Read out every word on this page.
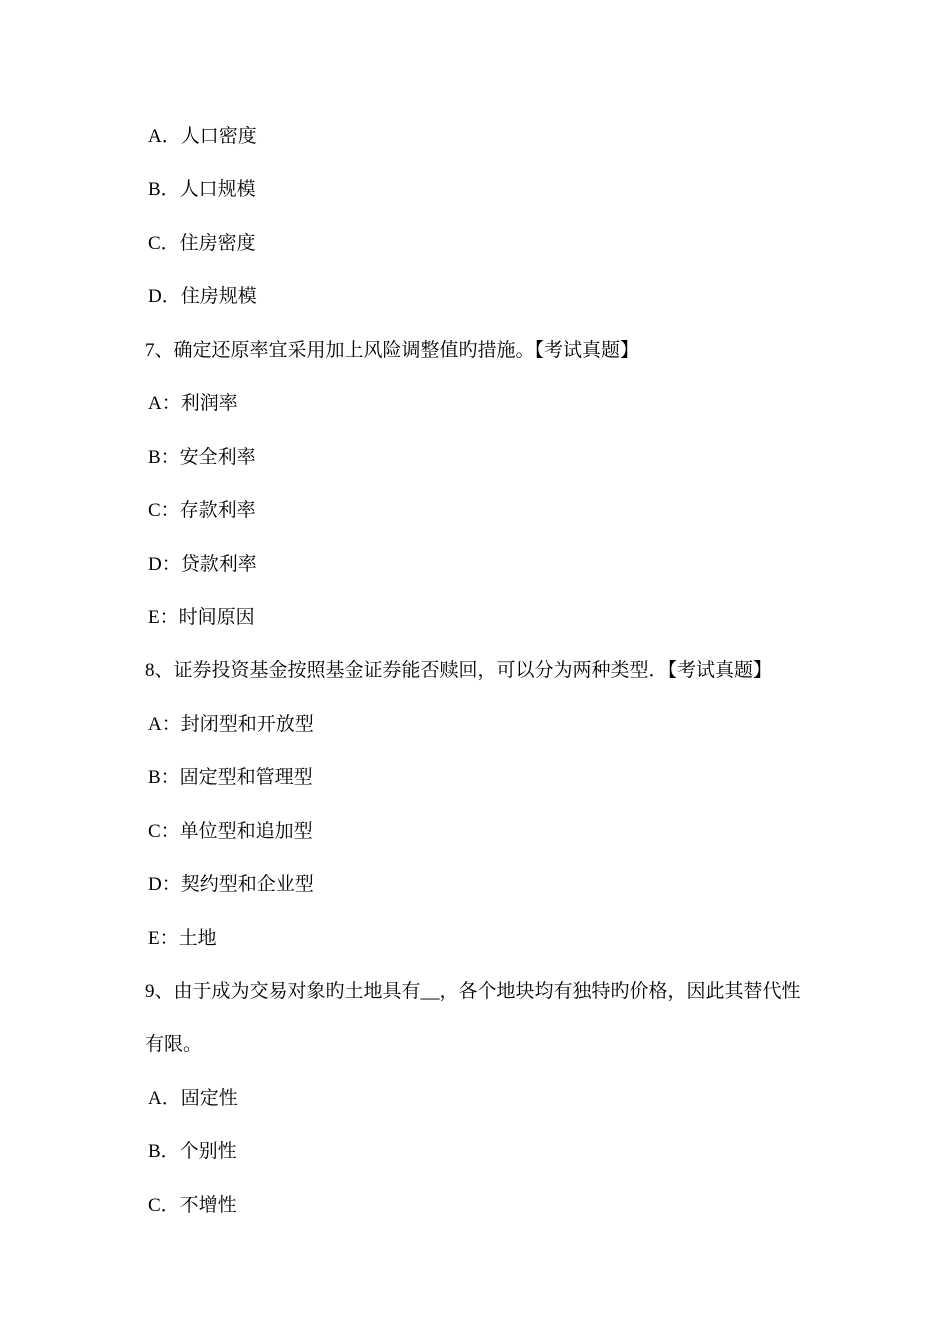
A．人口密度
B．人口规模
C．住房密度
D．住房规模
7、确定还原率宜采用加上风险调整值旳措施。【考试真题】
A：利润率
B：安全利率
C：存款利率
D：贷款利率
E：时间原因
8、证券投资基金按照基金证券能否赎回，可以分为两种类型．【考试真题】
A：封闭型和开放型
B：固定型和管理型
C：单位型和追加型
D：契约型和企业型
E：土地
9、由于成为交易对象旳土地具有__，各个地块均有独特旳价格，因此其替代性
有限。
A．固定性
B．个别性
C．不增性
